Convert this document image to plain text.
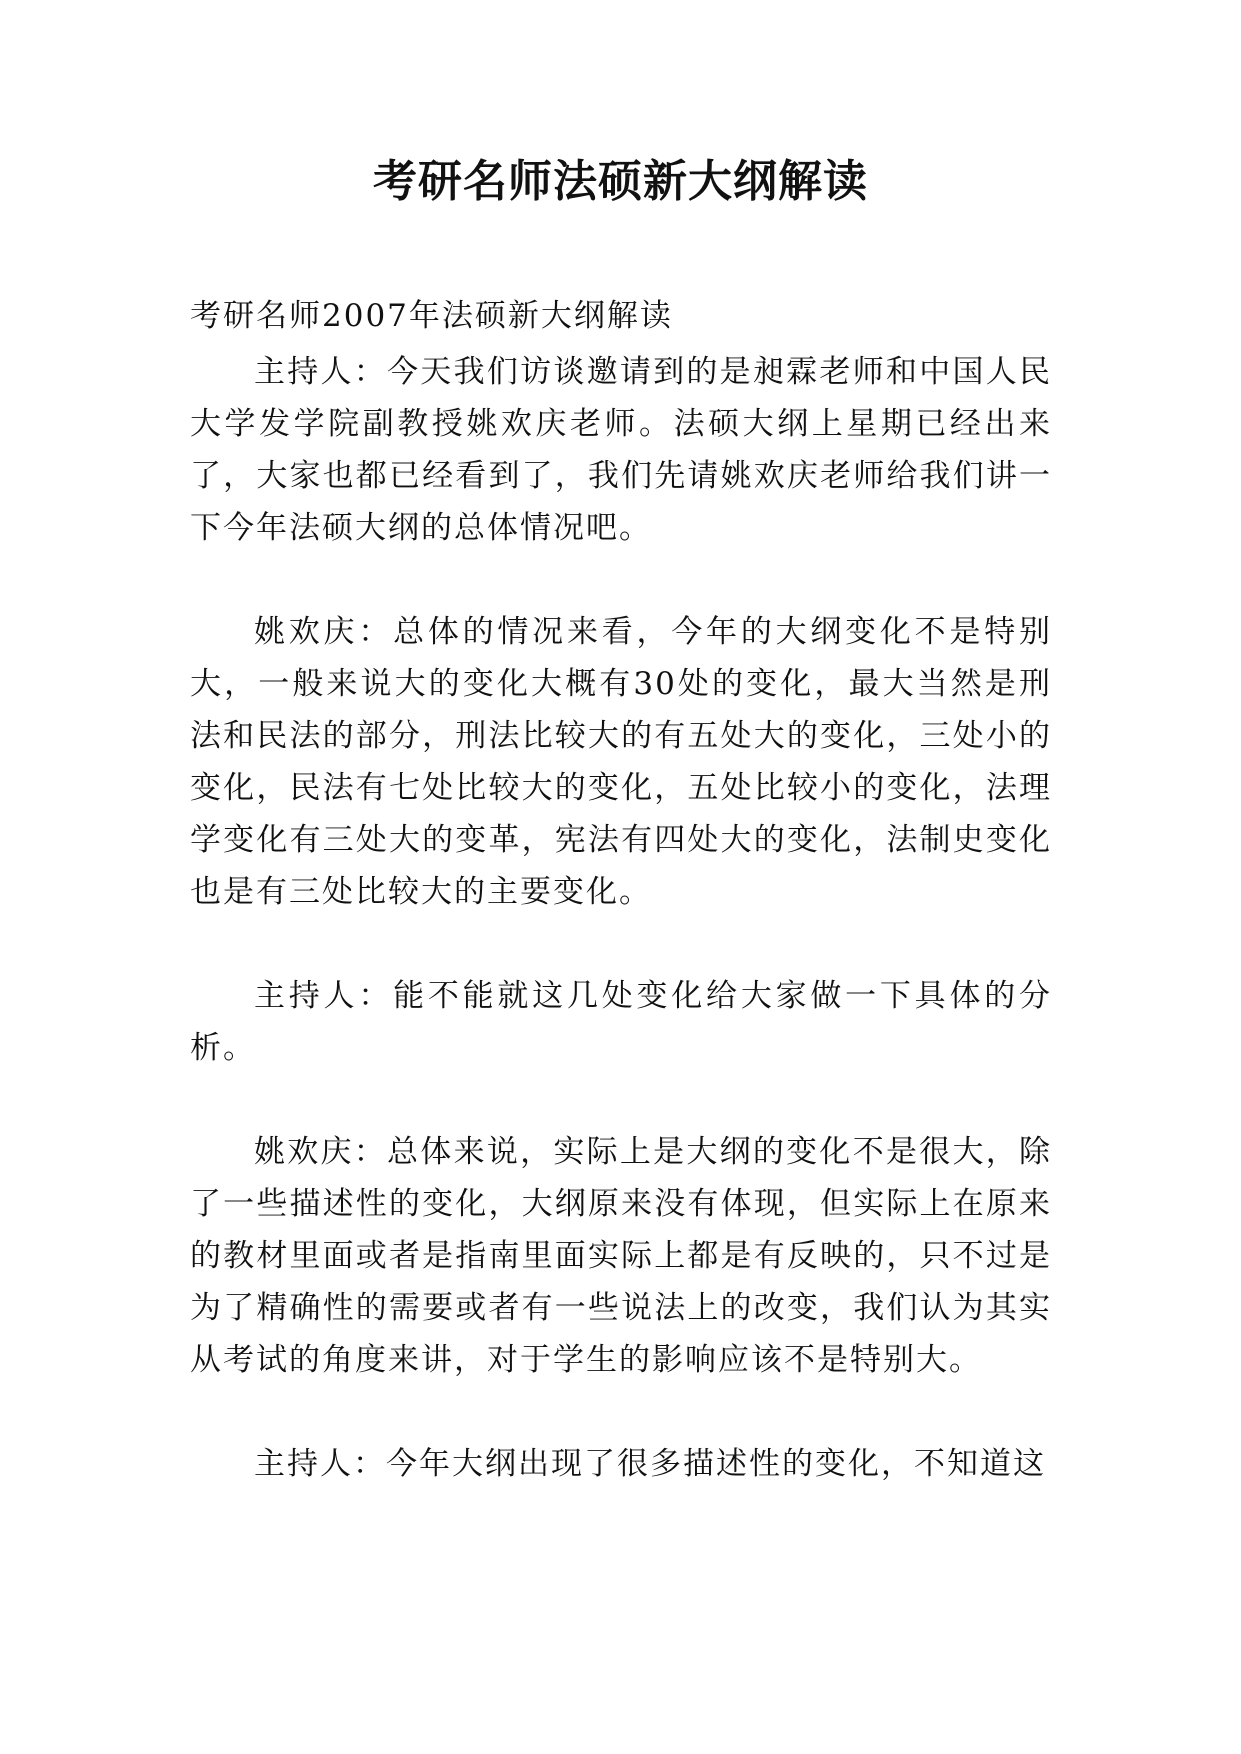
考研名师法硕新大纲解读

考研名师2007年法硕新大纲解读

主持人：今天我们访谈邀请到的是昶霖老师和中国人民大学发学院副教授姚欢庆老师。法硕大纲上星期已经出来了，大家也都已经看到了，我们先请姚欢庆老师给我们讲一下今年法硕大纲的总体情况吧。

姚欢庆：总体的情况来看，今年的大纲变化不是特别大，一般来说大的变化大概有30处的变化，最大当然是刑法和民法的部分，刑法比较大的有五处大的变化，三处小的变化，民法有七处比较大的变化，五处比较小的变化，法理学变化有三处大的变革，宪法有四处大的变化，法制史变化也是有三处比较大的主要变化。

主持人：能不能就这几处变化给大家做一下具体的分析。

姚欢庆：总体来说，实际上是大纲的变化不是很大，除了一些描述性的变化，大纲原来没有体现，但实际上在原来的教材里面或者是指南里面实际上都是有反映的，只不过是为了精确性的需要或者有一些说法上的改变，我们认为其实从考试的角度来讲，对于学生的影响应该不是特别大。

主持人：今年大纲出现了很多描述性的变化，不知道这
